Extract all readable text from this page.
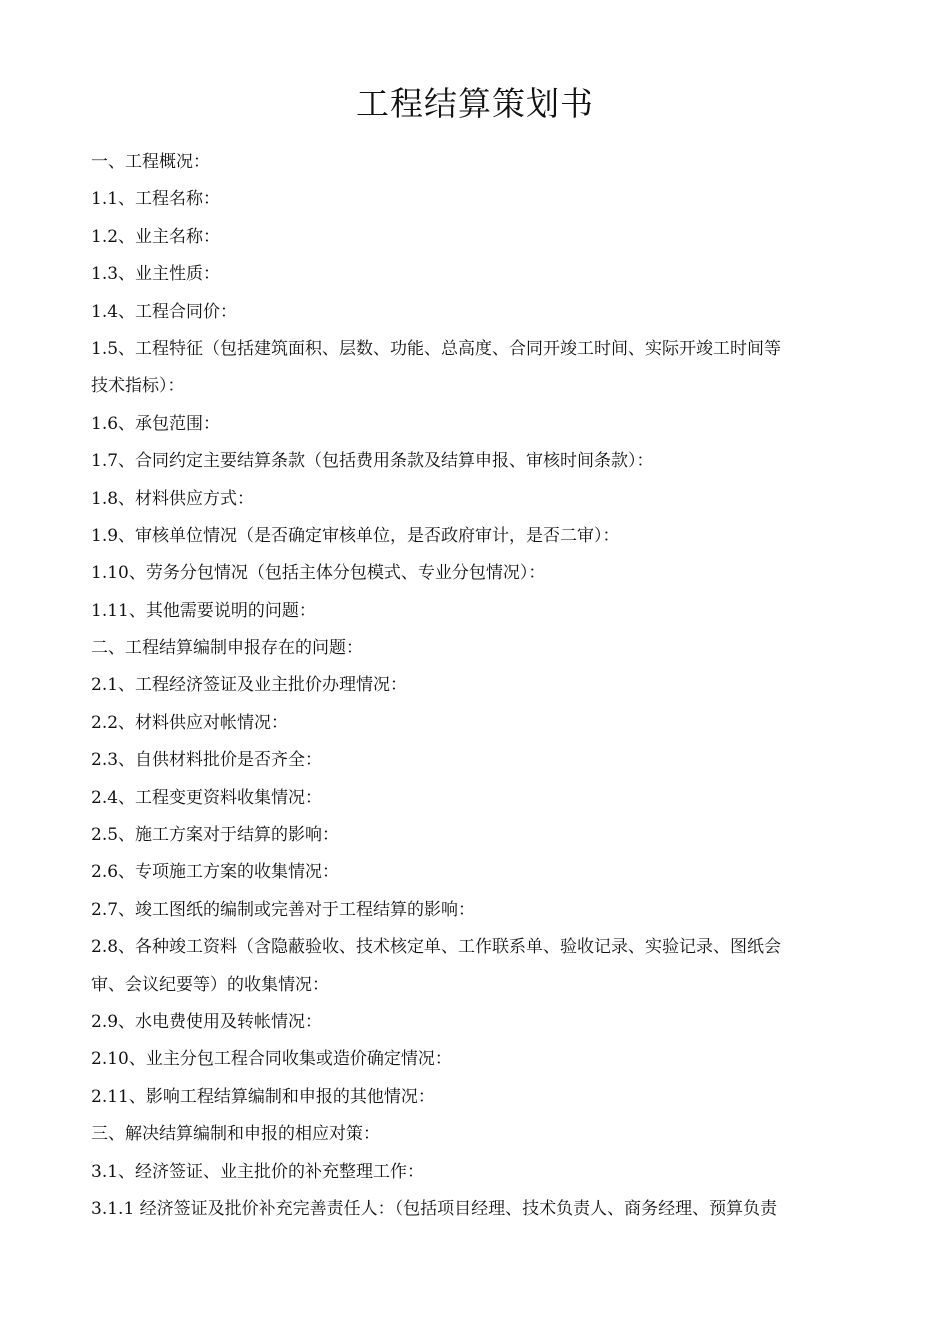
工程结算策划书
一、工程概况：
1.1、工程名称：
1.2、业主名称：
1.3、业主性质：
1.4、工程合同价：
1.5、工程特征（包括建筑面积、层数、功能、总高度、合同开竣工时间、实际开竣工时间等
技术指标）：
1.6、承包范围：
1.7、合同约定主要结算条款（包括费用条款及结算申报、审核时间条款）：
1.8、材料供应方式：
1.9、审核单位情况（是否确定审核单位，是否政府审计，是否二审）：
1.10、劳务分包情况（包括主体分包模式、专业分包情况）：
1.11、其他需要说明的问题：
二、工程结算编制申报存在的问题：
2.1、工程经济签证及业主批价办理情况：
2.2、材料供应对帐情况：
2.3、自供材料批价是否齐全：
2.4、工程变更资料收集情况：
2.5、施工方案对于结算的影响：
2.6、专项施工方案的收集情况：
2.7、竣工图纸的编制或完善对于工程结算的影响：
2.8、各种竣工资料（含隐蔽验收、技术核定单、工作联系单、验收记录、实验记录、图纸会
审、会议纪要等）的收集情况：
2.9、水电费使用及转帐情况：
2.10、业主分包工程合同收集或造价确定情况：
2.11、影响工程结算编制和申报的其他情况：
三、解决结算编制和申报的相应对策：
3.1、经济签证、业主批价的补充整理工作：
3.1.1 经济签证及批价补充完善责任人：（包括项目经理、技术负责人、商务经理、预算负责
